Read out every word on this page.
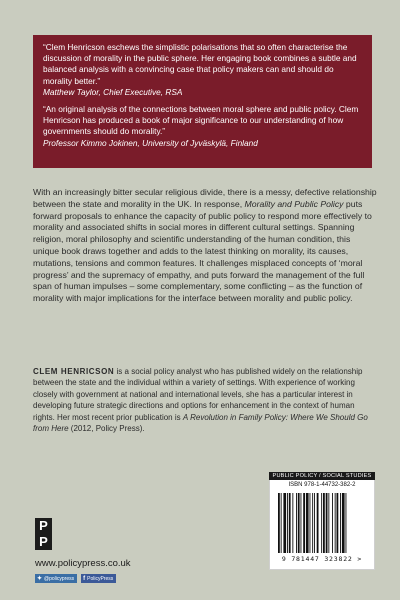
“Clem Henricson eschews the simplistic polarisations that so often characterise the discussion of morality in the public sphere. Her engaging book combines a subtle and balanced analysis with a convincing case that policy makers can and should do morality better.”

Matthew Taylor, Chief Executive, RSA

“An original analysis of the connections between moral sphere and public policy. Clem Henricson has produced a book of major significance to our understanding of how governments should do morality.”

Professor Kimmo Jokinen, University of Jyväskylä, Finland

With an increasingly bitter secular religious divide, there is a messy, defective relationship between the state and morality in the UK. In response, Morality and Public Policy puts forward proposals to enhance the capacity of public policy to respond more effectively to morality and associated shifts in social mores in different cultural settings. Spanning religion, moral philosophy and scientific understanding of the human condition, this unique book draws together and adds to the latest thinking on morality, its causes, mutations, tensions and common features. It challenges misplaced concepts of ‘moral progress’ and the supremacy of empathy, and puts forward the management of the full span of human impulses – some complementary, some conflicting – as the function of morality with major implications for the interface between morality and public policy.

CLEM HENRICSON is a social policy analyst who has published widely on the relationship between the state and the individual within a variety of settings. With experience of working closely with government at national and international levels, she has a particular interest in developing future strategic directions and options for enhancement in the context of human rights. Her most recent prior publication is A Revolution in Family Policy: Where We Should Go from Here (2012, Policy Press).

P
P
www.policypress.co.uk
✦ @policypress f PolicyPress
PUBLIC POLICY / SOCIAL STUDIES
ISBN 978-1-44732-382-2
9 781447 323822 >
